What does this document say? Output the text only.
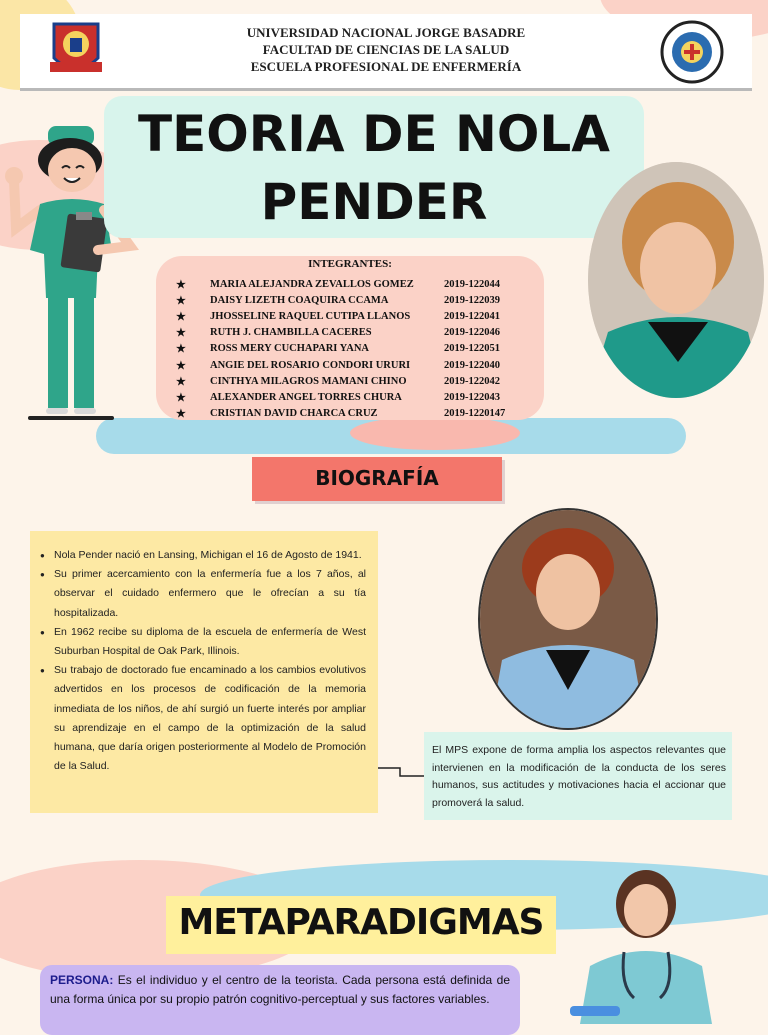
UNIVERSIDAD NACIONAL JORGE BASADRE
FACULTAD DE CIENCIAS DE LA SALUD
ESCUELA PROFESIONAL DE ENFERMERÍA
TEORIA DE NOLA
PENDER
INTEGRANTES:
★	MARIA ALEJANDRA ZEVALLOS GOMEZ	2019-122044
★	DAISY LIZETH COAQUIRA CCAMA	2019-122039
★	JHOSSELINE RAQUEL CUTIPA LLANOS	2019-122041
★	RUTH J. CHAMBILLA CACERES	2019-122046
★	ROSS MERY CUCHAPARI YANA	2019-122051
★	ANGIE DEL ROSARIO CONDORI URURI	2019-122040
★	CINTHYA MILAGROS MAMANI CHINO	2019-122042
★	ALEXANDER ANGEL TORRES CHURA	2019-122043
★	CRISTIAN DAVID CHARCA CRUZ	2019-1220147
BIOGRAFÍA
● Nola Pender nació en Lansing, Michigan el 16 de Agosto de 1941.
● Su primer acercamiento con la enfermería fue a los 7 años, al observar el cuidado enfermero que le ofrecían a su tía hospitalizada.
● En 1962 recibe su diploma de la escuela de enfermería de West Suburban Hospital de Oak Park, Illinois.
● Su trabajo de doctorado fue encaminado a los cambios evolutivos advertidos en los procesos de codificación de la memoria inmediata de los niños, de ahí surgió un fuerte interés por ampliar su aprendizaje en el campo de la optimización de la salud humana, que daría origen posteriormente al Modelo de Promoción de la Salud.
El MPS expone de forma amplia los aspectos relevantes que intervienen en la modificación de la conducta de los seres humanos, sus actitudes y motivaciones hacia el accionar que promoverá la salud.
METAPARADIGMAS
PERSONA: Es el individuo y el centro de la teorista. Cada persona está definida de una forma única por su propio patrón cognitivo-perceptual y sus factores variables.
